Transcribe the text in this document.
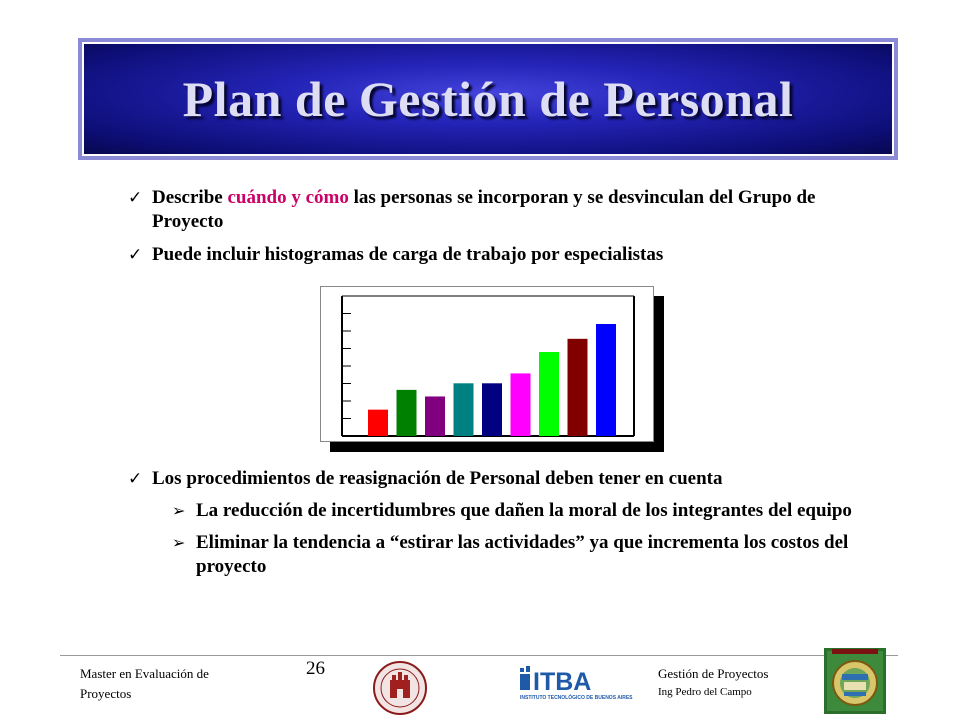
Plan de Gestión de Personal
✓ Describe cuándo y cómo las personas se incorporan y se desvinculan del Grupo de Proyecto
✓ Puede incluir histogramas de carga de trabajo por especialistas
✓ Los procedimientos de reasignación de Personal deben tener en cuenta
➢ La reducción de incertidumbres que dañen la moral de los integrantes del equipo
➢ Eliminar la tendencia a “estirar las actividades” ya que incrementa los costos del proyecto
Master en Evaluación de Proyectos
26	ITBA
INSTITUTO TECNOLÓGICO DE BUENOS AIRES
Gestión de Proyectos
Ing Pedro del Campo
